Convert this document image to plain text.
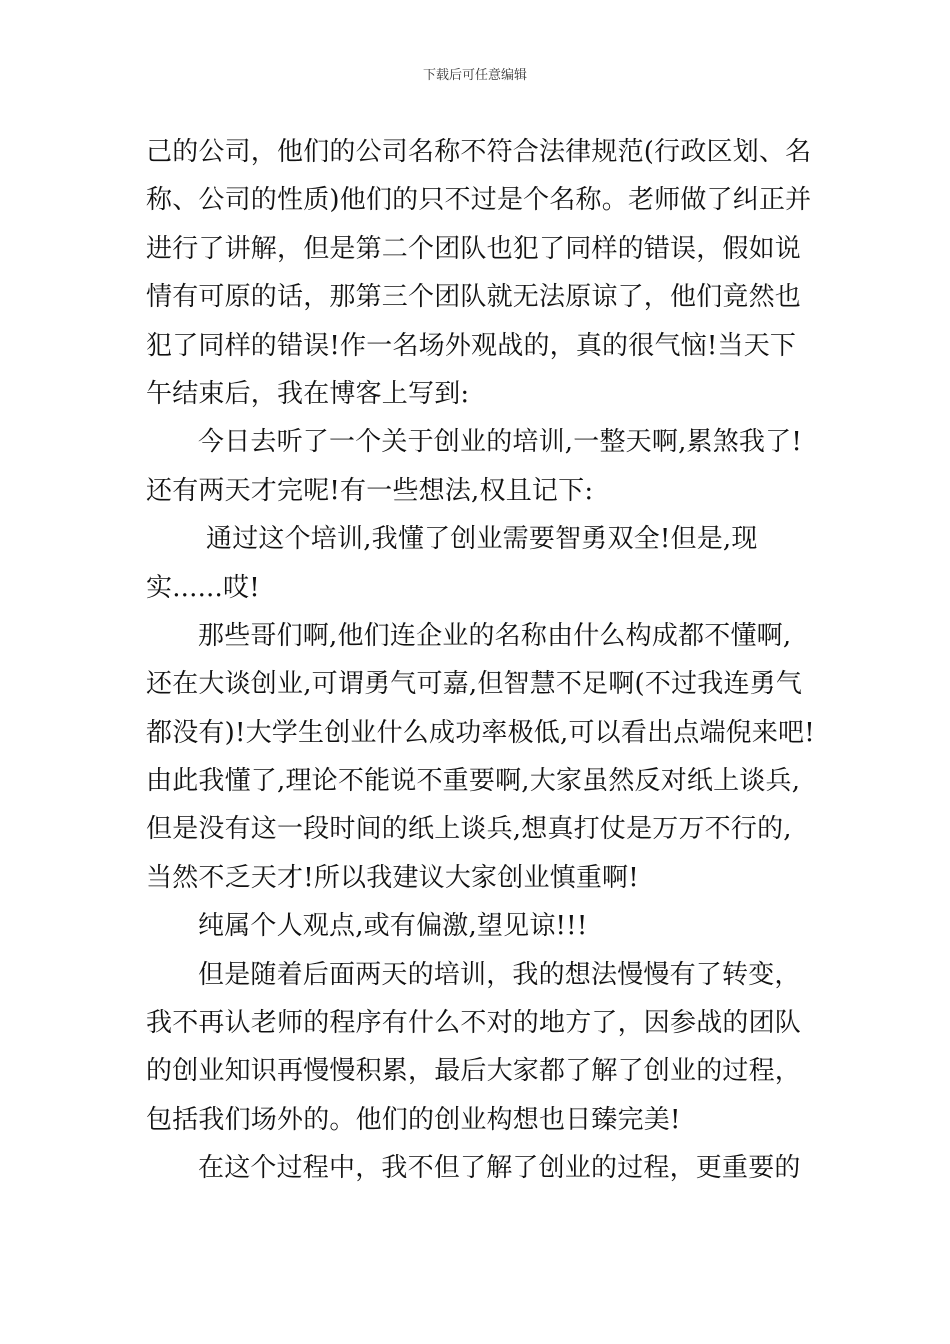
下载后可任意编辑
己的公司，他们的公司名称不符合法律规范(行政区划、名
称、公司的性质)他们的只不过是个名称。老师做了纠正并
进行了讲解，但是第二个团队也犯了同样的错误，假如说
情有可原的话，那第三个团队就无法原谅了，他们竟然也
犯了同样的错误!作一名场外观战的，真的很气恼!当天下
午结束后，我在博客上写到:
今日去听了一个关于创业的培训,一整天啊,累煞我了!
还有两天才完呢!有一些想法,权且记下:
通过这个培训,我懂了创业需要智勇双全!但是,现
实......哎!
那些哥们啊,他们连企业的名称由什么构成都不懂啊,
还在大谈创业,可谓勇气可嘉,但智慧不足啊(不过我连勇气
都没有)!大学生创业什么成功率极低,可以看出点端倪来吧!
由此我懂了,理论不能说不重要啊,大家虽然反对纸上谈兵,
但是没有这一段时间的纸上谈兵,想真打仗是万万不行的,
当然不乏天才!所以我建议大家创业慎重啊!
纯属个人观点,或有偏激,望见谅!!!
但是随着后面两天的培训，我的想法慢慢有了转变，
我不再认老师的程序有什么不对的地方了，因参战的团队
的创业知识再慢慢积累，最后大家都了解了创业的过程，
包括我们场外的。他们的创业构想也日臻完美!
在这个过程中，我不但了解了创业的过程，更重要的
